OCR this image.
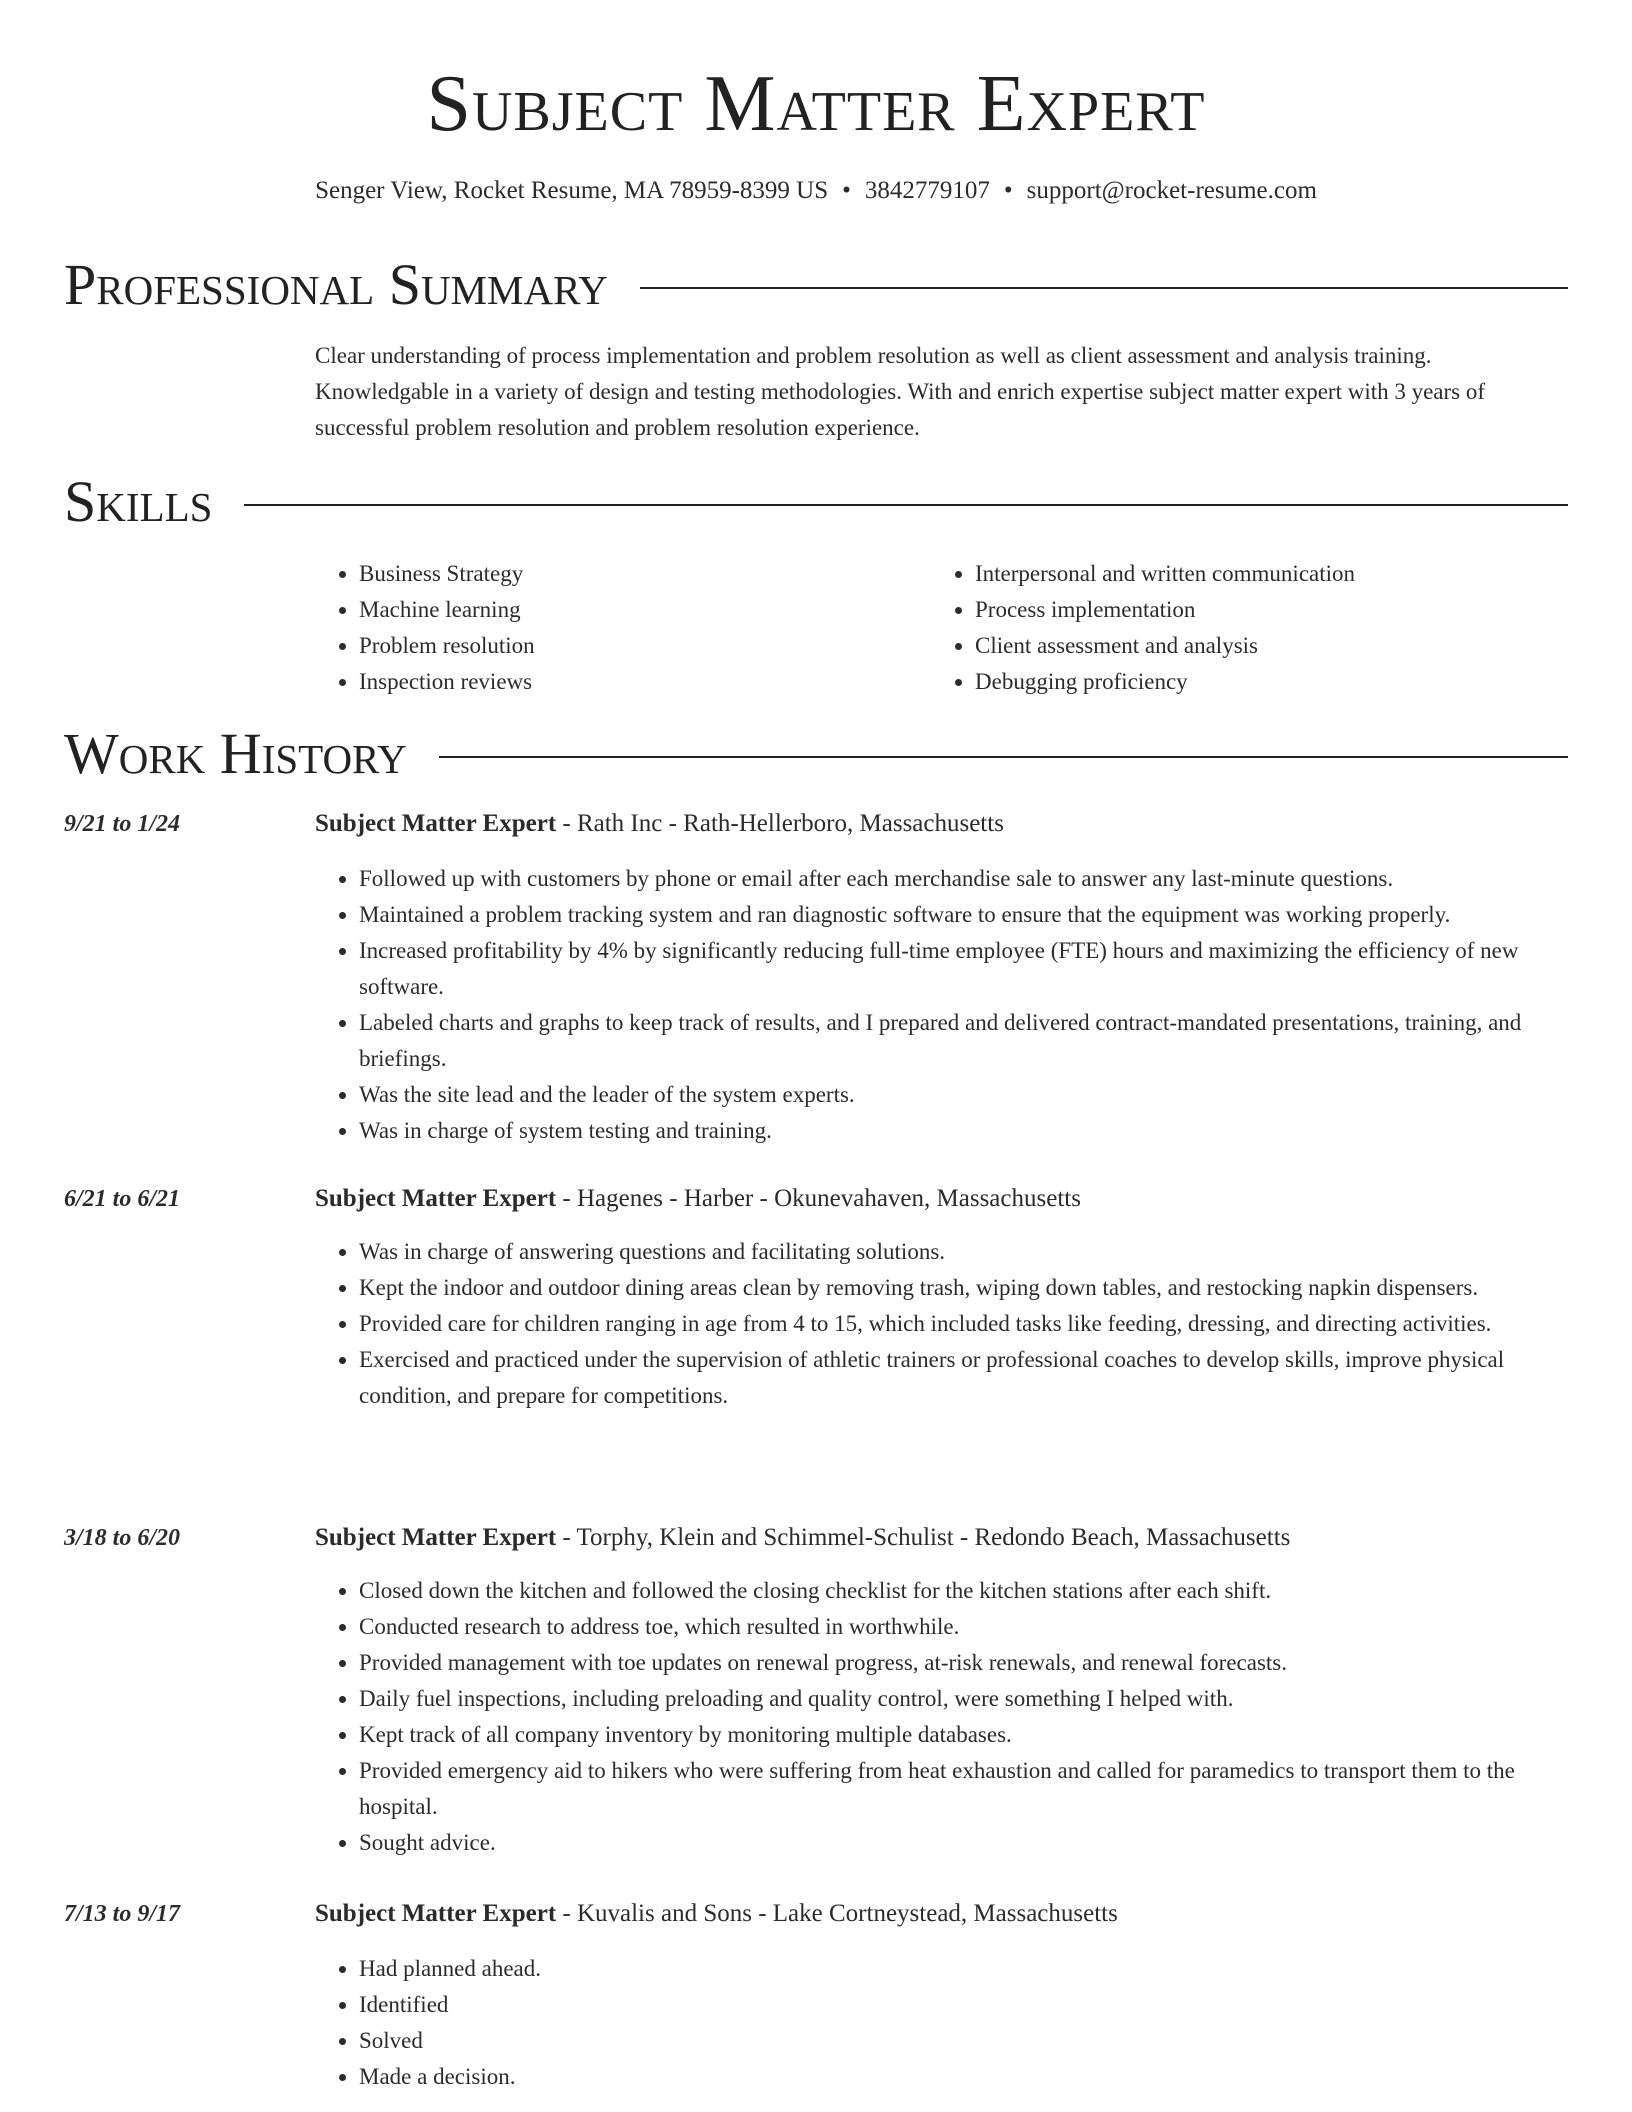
Subject Matter Expert
Senger View, Rocket Resume, MA 78959-8399 US • 3842779107 • support@rocket-resume.com
Professional Summary
Clear understanding of process implementation and problem resolution as well as client assessment and analysis training. Knowledgable in a variety of design and testing methodologies. With and enrich expertise subject matter expert with 3 years of successful problem resolution and problem resolution experience.
Skills
• Business Strategy
• Machine learning
• Problem resolution
• Inspection reviews
• Interpersonal and written communication
• Process implementation
• Client assessment and analysis
• Debugging proficiency
Work History
9/21 to 1/24	Subject Matter Expert - Rath Inc - Rath-Hellerboro, Massachusetts
• Followed up with customers by phone or email after each merchandise sale to answer any last-minute questions.
• Maintained a problem tracking system and ran diagnostic software to ensure that the equipment was working properly.
• Increased profitability by 4% by significantly reducing full-time employee (FTE) hours and maximizing the efficiency of new software.
• Labeled charts and graphs to keep track of results, and I prepared and delivered contract-mandated presentations, training, and briefings.
• Was the site lead and the leader of the system experts.
• Was in charge of system testing and training.
6/21 to 6/21	Subject Matter Expert - Hagenes - Harber - Okunevahaven, Massachusetts
• Was in charge of answering questions and facilitating solutions.
• Kept the indoor and outdoor dining areas clean by removing trash, wiping down tables, and restocking napkin dispensers.
• Provided care for children ranging in age from 4 to 15, which included tasks like feeding, dressing, and directing activities.
• Exercised and practiced under the supervision of athletic trainers or professional coaches to develop skills, improve physical condition, and prepare for competitions.
3/18 to 6/20	Subject Matter Expert - Torphy, Klein and Schimmel-Schulist - Redondo Beach, Massachusetts
• Closed down the kitchen and followed the closing checklist for the kitchen stations after each shift.
• Conducted research to address toe, which resulted in worthwhile.
• Provided management with toe updates on renewal progress, at-risk renewals, and renewal forecasts.
• Daily fuel inspections, including preloading and quality control, were something I helped with.
• Kept track of all company inventory by monitoring multiple databases.
• Provided emergency aid to hikers who were suffering from heat exhaustion and called for paramedics to transport them to the hospital.
• Sought advice.
7/13 to 9/17	Subject Matter Expert - Kuvalis and Sons - Lake Cortneystead, Massachusetts
• Had planned ahead.
• Identified
• Solved
• Made a decision.
